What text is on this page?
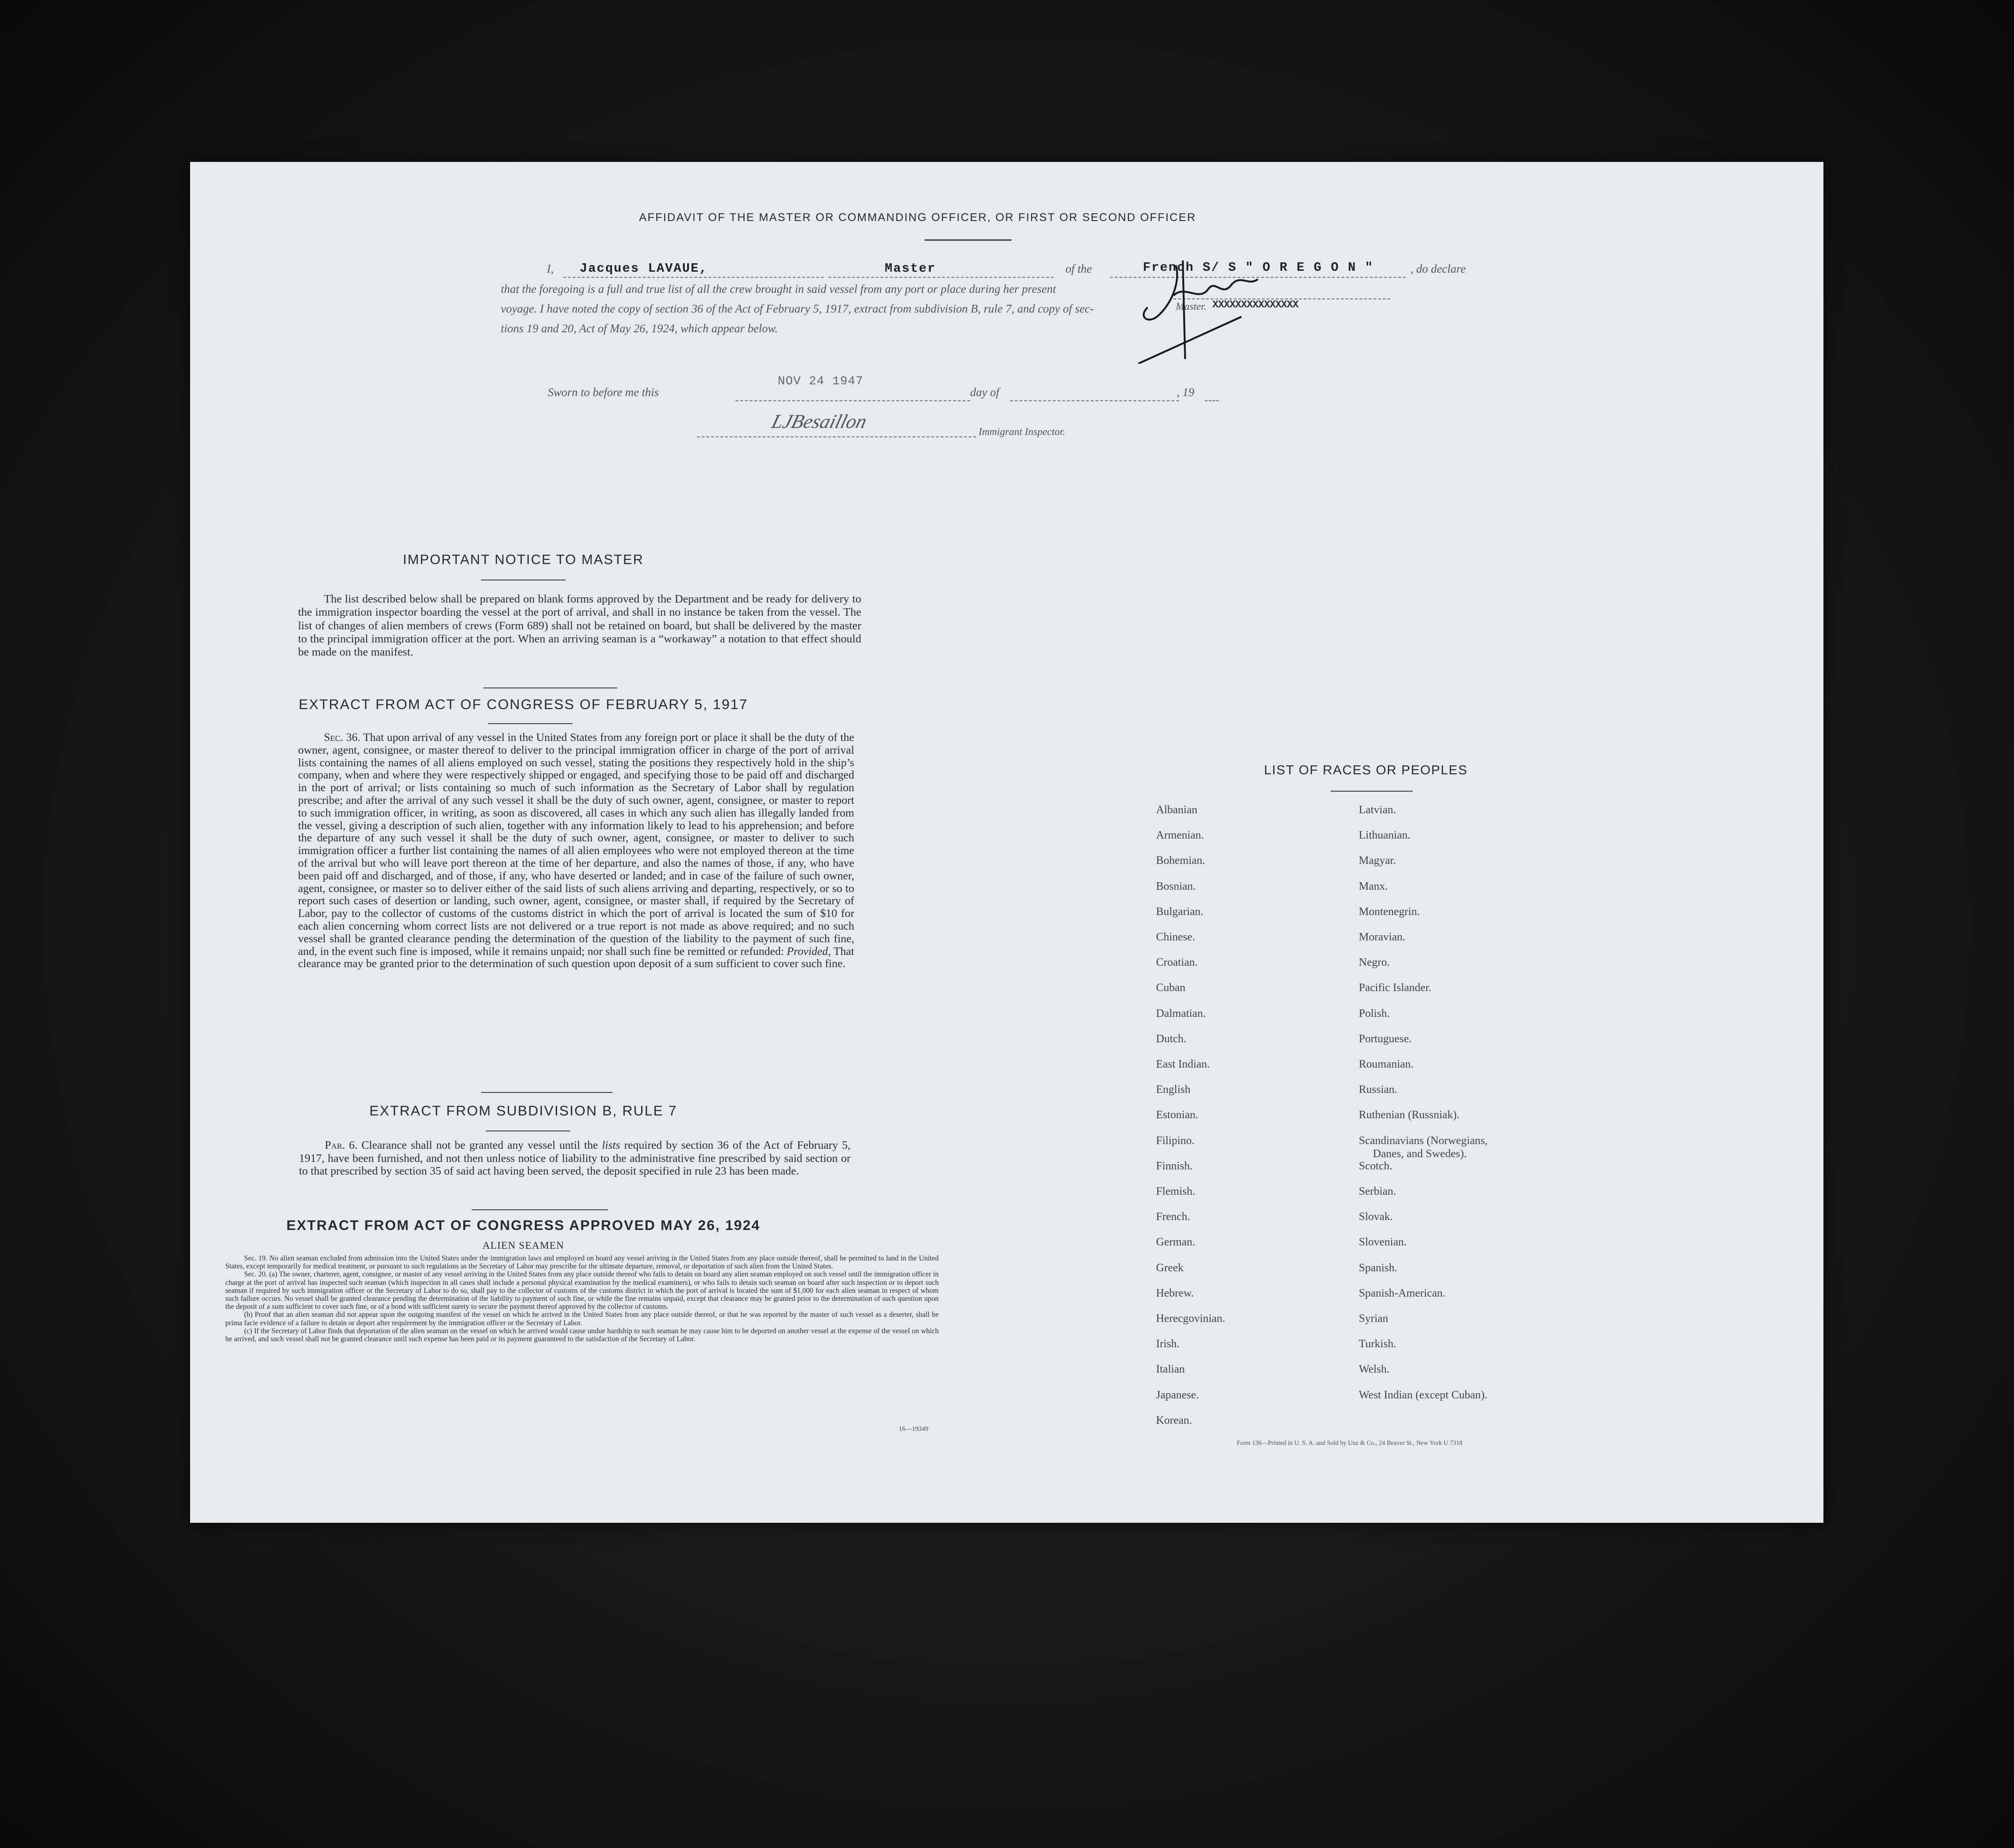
AFFIDAVIT OF THE MASTER OR COMMANDING OFFICER, OR FIRST OR SECOND OFFICER
I, Jacques LAVAUE,	Master	of the	French S/ S " O R E G O N "	, do declare
that the foregoing is a full and true list of all the crew brought in said vessel from any port or place during her present
voyage. I have noted the copy of section 36 of the Act of February 5, 1917, extract from subdivision B, rule 7, and copy of sec-
tions 19 and 20, Act of May 26, 1924, which appear below.
Sworn to before me this
NOV 24 1947
day of	, 19
Master. XXXXXXXXXXXXXXX
LJBesaillon	Immigrant Inspector.
IMPORTANT NOTICE TO MASTER

The list described below shall be prepared on blank forms approved by the Department and be ready for delivery to the immigration inspector boarding the vessel at the port of arrival, and shall in no instance be taken from the vessel. The list of changes of alien members of crews (Form 689) shall not be retained on board, but shall be delivered by the master to the principal immigration officer at the port. When an arriving seaman is a “workaway” a notation to that effect should be made on the manifest.

EXTRACT FROM ACT OF CONGRESS OF FEBRUARY 5, 1917

Sec. 36. That upon arrival of any vessel in the United States from any foreign port or place it shall be the duty of the owner, agent, consignee, or master thereof to deliver to the principal immigration officer in charge of the port of arrival lists containing the names of all aliens employed on such vessel, stating the positions they respectively hold in the ship’s company, when and where they were respectively shipped or engaged, and specifying those to be paid off and discharged in the port of arrival; or lists containing so much of such information as the Secretary of Labor shall by regulation prescribe; and after the arrival of any such vessel it shall be the duty of such owner, agent, consignee, or master to report to such immigration officer, in writing, as soon as discovered, all cases in which any such alien has illegally landed from the vessel, giving a description of such alien, together with any information likely to lead to his apprehension; and before the departure of any such vessel it shall be the duty of such owner, agent, consignee, or master to deliver to such immigration officer a further list containing the names of all alien employees who were not employed thereon at the time of the arrival but who will leave port thereon at the time of her departure, and also the names of those, if any, who have been paid off and discharged, and of those, if any, who have deserted or landed; and in case of the failure of such owner, agent, consignee, or master so to deliver either of the said lists of such aliens arriving and departing, respectively, or so to report such cases of desertion or landing, such owner, agent, consignee, or master shall, if required by the Secretary of Labor, pay to the collector of customs of the customs district in which the port of arrival is located the sum of $10 for each alien concerning whom correct lists are not delivered or a true report is not made as above required; and no such vessel shall be granted clearance pending the determination of the question of the liability to the payment of such fine, and, in the event such fine is imposed, while it remains unpaid; nor shall such fine be remitted or refunded: Provided, That clearance may be granted prior to the determination of such question upon deposit of a sum sufficient to cover such fine.

EXTRACT FROM SUBDIVISION B, RULE 7

Par. 6. Clearance shall not be granted any vessel until the lists required by section 36 of the Act of February 5, 1917, have been furnished, and not then unless notice of liability to the administrative fine prescribed by said section or to that prescribed by section 35 of said act having been served, the deposit specified in rule 23 has been made.

EXTRACT FROM ACT OF CONGRESS APPROVED MAY 26, 1924
ALIEN SEAMEN

Sec. 19. No alien seaman excluded from admission into the United States under the immigration laws and employed on board any vessel arriving in the United States from any place outside thereof, shall be permitted to land in the United States, except temporarily for medical treatment, or pursuant to such regulations as the Secretary of Labor may prescribe for the ultimate departure, removal, or deportation of such alien from the United States.

Sec. 20. (a) The owner, charterer, agent, consignee, or master of any vessel arriving in the United States from any place outside thereof who fails to detain on board any alien seaman employed on such vessel until the immigration officer in charge at the port of arrival has inspected such seaman (which inspection in all cases shall include a personal physical examination by the medical examiners), or who fails to detain such seaman on board after such inspection or to deport such seaman if required by such immigration officer or the Secretary of Labor to do so, shall pay to the collector of customs of the customs district in which the port of arrival is located the sum of $1,000 for each alien seaman in respect of whom such failure occurs. No vessel shall be granted clearance pending the determination of the liability to payment of such fine, or while the fine remains unpaid, except that clearance may be granted prior to the determination of such question upon the deposit of a sum sufficient to cover such fine, or of a bond with sufficient surety to secure the payment thereof approved by the collector of customs.

(b) Proof that an alien seaman did not appear upon the outgoing manifest of the vessel on which he arrived in the United States from any place outside thereof, or that he was reported by the master of such vessel as a deserter, shall be prima facie evidence of a failure to detain or deport after requirement by the immigration officer or the Secretary of Labor.

(c) If the Secretary of Labor finds that deportation of the alien seaman on the vessel on which he arrived would cause undue hardship to such seaman he may cause him to be deported on another vessel at the expense of the vessel on which he arrived, and such vessel shall not be granted clearance until such expense has been paid or its payment guaranteed to the satisfaction of the Secretary of Labor.

16—19349
LIST OF RACES OR PEOPLES
Form 136—Printed in U. S. A. and Sold by Unz & Co., 24 Beaver St., New York U 7318
Albanian
Armenian.
Bohemian.
Bosnian.
Bulgarian.
Chinese.
Croatian.
Cuban
Dalmatian.
Dutch.
East Indian.
English
Estonian.
Filipino.
Finnish.
Flemish.
French.
German.
Greek
Hebrew.
Herecgovinian.
Irish.
Italian
Japanese.
Korean.
Latvian.
Lithuanian.
Magyar.
Manx.
Montenegrin.
Moravian.
Negro.
Pacific Islander.
Polish.
Portuguese.
Roumanian.
Russian.
Ruthenian (Russniak).
Scandinavians (Norwegians,
Danes, and Swedes).
Scotch.
Serbian.
Slovak.
Slovenian.
Spanish.
Spanish-American.
Syrian
Turkish.
Welsh.
West Indian (except Cuban).
